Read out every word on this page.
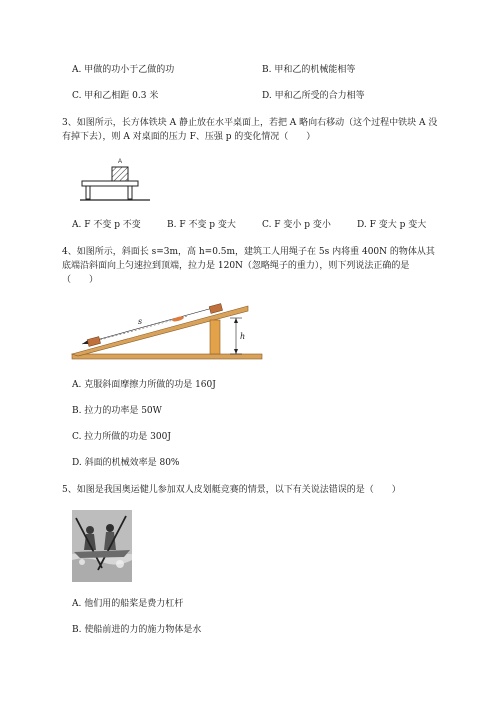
A. 甲做的功小于乙做的功	B. 甲和乙的机械能相等
C. 甲和乙相距 0.3 米	D. 甲和乙所受的合力相等
3、如图所示，长方体铁块 A 静止放在水平桌面上，若把 A 略向右移动（这个过程中铁块 A 没有掉下去），则 A 对桌面的压力 F、压强 p 的变化情况（　　）
A
A. F 不变 p 不变	B. F 不变 p 变大	C. F 变小 p 变小	D. F 变大 p 变大
4、如图所示，斜面长 s=3m，高 h=0.5m，建筑工人用绳子在 5s 内将重 400N 的物体从其底端沿斜面向上匀速拉到顶端，拉力是 120N（忽略绳子的重力），则下列说法正确的是（　　）
h
s
A. 克服斜面摩擦力所做的功是 160J
B. 拉力的功率是 50W
C. 拉力所做的功是 300J
D. 斜面的机械效率是 80%
5、如图是我国奥运健儿参加双人皮划艇竞赛的情景，以下有关说法错误的是（　　）
A. 他们用的船桨是费力杠杆
B. 使船前进的力的施力物体是水
